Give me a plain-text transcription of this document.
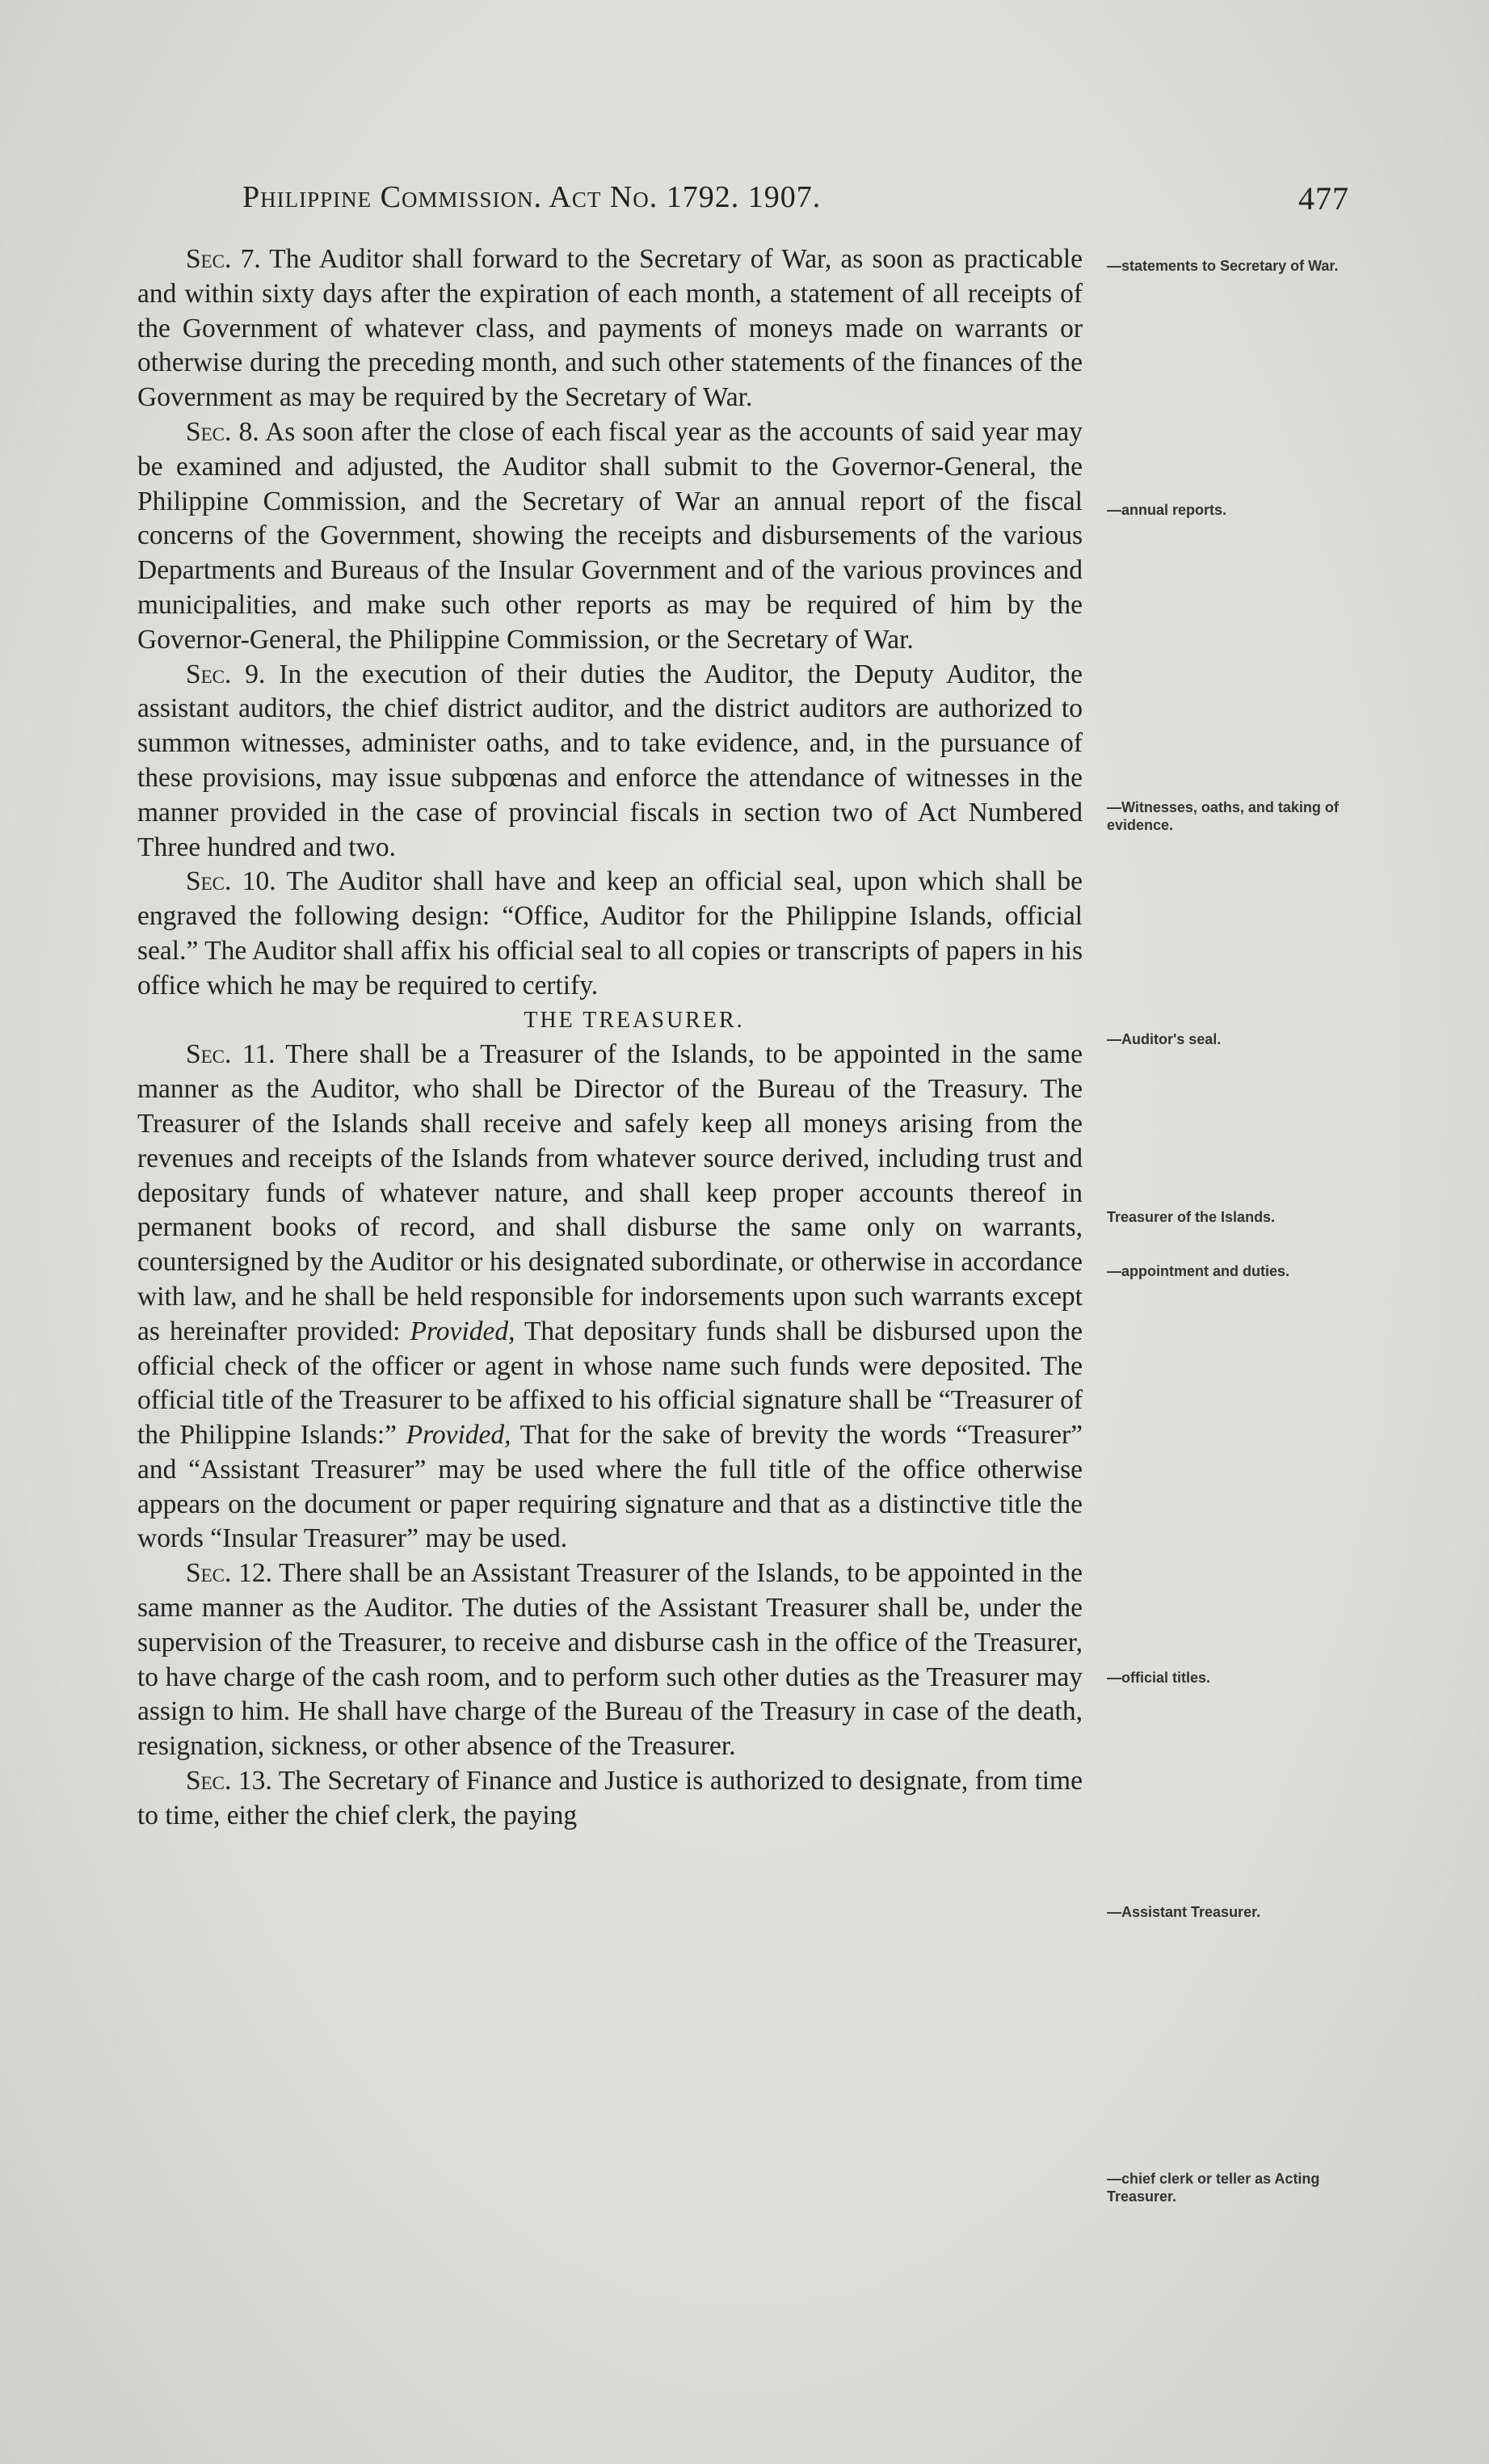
Philippine Commission. Act No. 1792. 1907.	477

Sec. 7. The Auditor shall forward to the Secretary of War, as soon as practicable and within sixty days after the expiration of each month, a statement of all receipts of the Government of whatever class, and payments of moneys made on warrants or otherwise during the preceding month, and such other statements of the finances of the Government as may be required by the Secretary of War.

Sec. 8. As soon after the close of each fiscal year as the accounts of said year may be examined and adjusted, the Auditor shall submit to the Governor-General, the Philippine Commission, and the Secretary of War an annual report of the fiscal concerns of the Government, showing the receipts and disbursements of the various Departments and Bureaus of the Insular Government and of the various provinces and municipalities, and make such other reports as may be required of him by the Governor-General, the Philippine Commission, or the Secretary of War.

Sec. 9. In the execution of their duties the Auditor, the Deputy Auditor, the assistant auditors, the chief district auditor, and the district auditors are authorized to summon witnesses, administer oaths, and to take evidence, and, in the pursuance of these provisions, may issue subpœnas and enforce the attendance of witnesses in the manner provided in the case of provincial fiscals in section two of Act Numbered Three hundred and two.

Sec. 10. The Auditor shall have and keep an official seal, upon which shall be engraved the following design: “Office, Auditor for the Philippine Islands, official seal.” The Auditor shall affix his official seal to all copies or transcripts of papers in his office which he may be required to certify.

THE TREASURER.

Sec. 11. There shall be a Treasurer of the Islands, to be appointed in the same manner as the Auditor, who shall be Director of the Bureau of the Treasury. The Treasurer of the Islands shall receive and safely keep all moneys arising from the revenues and receipts of the Islands from whatever source derived, including trust and depositary funds of whatever nature, and shall keep proper accounts thereof in permanent books of record, and shall disburse the same only on warrants, countersigned by the Auditor or his designated subordinate, or otherwise in accordance with law, and he shall be held responsible for indorsements upon such warrants except as hereinafter provided: Provided, That depositary funds shall be disbursed upon the official check of the officer or agent in whose name such funds were deposited. The official title of the Treasurer to be affixed to his official signature shall be “Treasurer of the Philippine Islands:” Provided, That for the sake of brevity the words “Treasurer” and “Assistant Treasurer” may be used where the full title of the office otherwise appears on the document or paper requiring signature and that as a distinctive title the words “Insular Treasurer” may be used.

Sec. 12. There shall be an Assistant Treasurer of the Islands, to be appointed in the same manner as the Auditor. The duties of the Assistant Treasurer shall be, under the supervision of the Treasurer, to receive and disburse cash in the office of the Treasurer, to have charge of the cash room, and to perform such other duties as the Treasurer may assign to him. He shall have charge of the Bureau of the Treasury in case of the death, resignation, sickness, or other absence of the Treasurer.

Sec. 13. The Secretary of Finance and Justice is authorized to designate, from time to time, either the chief clerk, the paying

—statements to Secretary of War.
—annual reports.
—Witnesses, oaths, and taking of evidence.
—Auditor's seal.
Treasurer of the Islands.
—appointment and duties.
—official titles.
—Assistant Treasurer.
—chief clerk or teller as Acting Treasurer.
